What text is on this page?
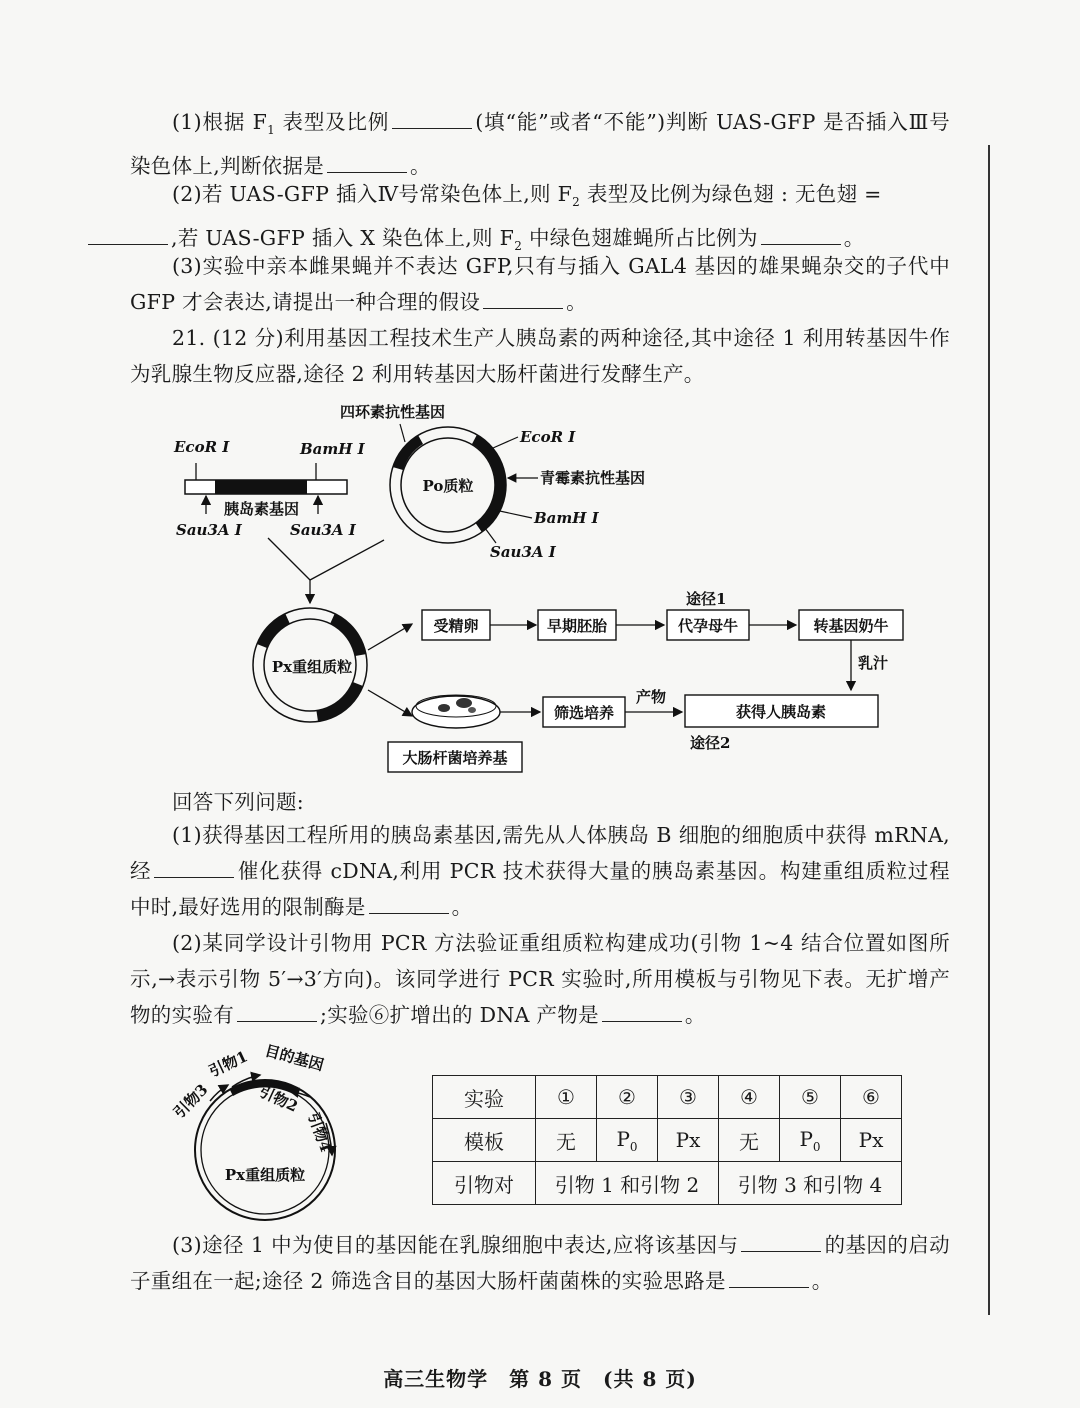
(1)根据 $F_1$ 表型及比例	(填“能”或者“不能”)判断 UAS-GFP 是否插入Ⅲ号染色体上,判断依据是	。
(2)若 UAS-GFP 插入Ⅳ号常染色体上,则 $F_2$ 表型及比例为绿色翅 : 无色翅 =
,若 UAS-GFP 插入 X 染色体上,则 $F_2$ 中绿色翅雄蝇所占比例为	。
(3)实验中亲本雌果蝇并不表达 GFP,只有与插入 GAL4 基因的雄果蝇杂交的子代中 GFP 才会表达,请提出一种合理的假设	。
21. (12 分)利用基因工程技术生产人胰岛素的两种途径,其中途径 1 利用转基因牛作为乳腺生物反应器,途径 2 利用转基因大肠杆菌进行发酵生产。
EcoR Ⅰ	BamH Ⅰ
胰岛素基因
Sau3A Ⅰ	Sau3A Ⅰ
Po质粒
四环素抗性基因
EcoR Ⅰ
青霉素抗性基因
BamH Ⅰ
Sau3A Ⅰ
Px重组质粒
受精卵	早期胚胎	代孕母牛
途径1
转基因奶牛
乳汁
大肠杆菌培养基
筛选培养
产物
获得人胰岛素
途径2
回答下列问题:
(1)获得基因工程所用的胰岛素基因,需先从人体胰岛 B 细胞的细胞质中获得 mRNA,经	催化获得 cDNA,利用 PCR 技术获得大量的胰岛素基因。构建重组质粒过程中时,最好选用的限制酶是	。
(2)某同学设计引物用 PCR 方法验证重组质粒构建成功(引物 1~4 结合位置如图所示,→表示引物 5′→3′方向)。该同学进行 PCR 实验时,所用模板与引物见下表。无扩增产物的实验有	;实验⑥扩增出的 DNA 产物是	。
引物3
引物1 目的基因
引物2
引物4
Px重组质粒
实验	①	②	③	④	⑤	⑥
模板	无	$P_0$	Px	无	$P_0$	Px
引物对	引物 1 和引物 2			引物 3 和引物 4		
(3)途径 1 中为使目的基因能在乳腺细胞中表达,应将该基因与	的基因的启动子重组在一起;途径 2 筛选含目的基因大肠杆菌菌株的实验思路是	。
高三生物学　第 8 页　(共 8 页)
